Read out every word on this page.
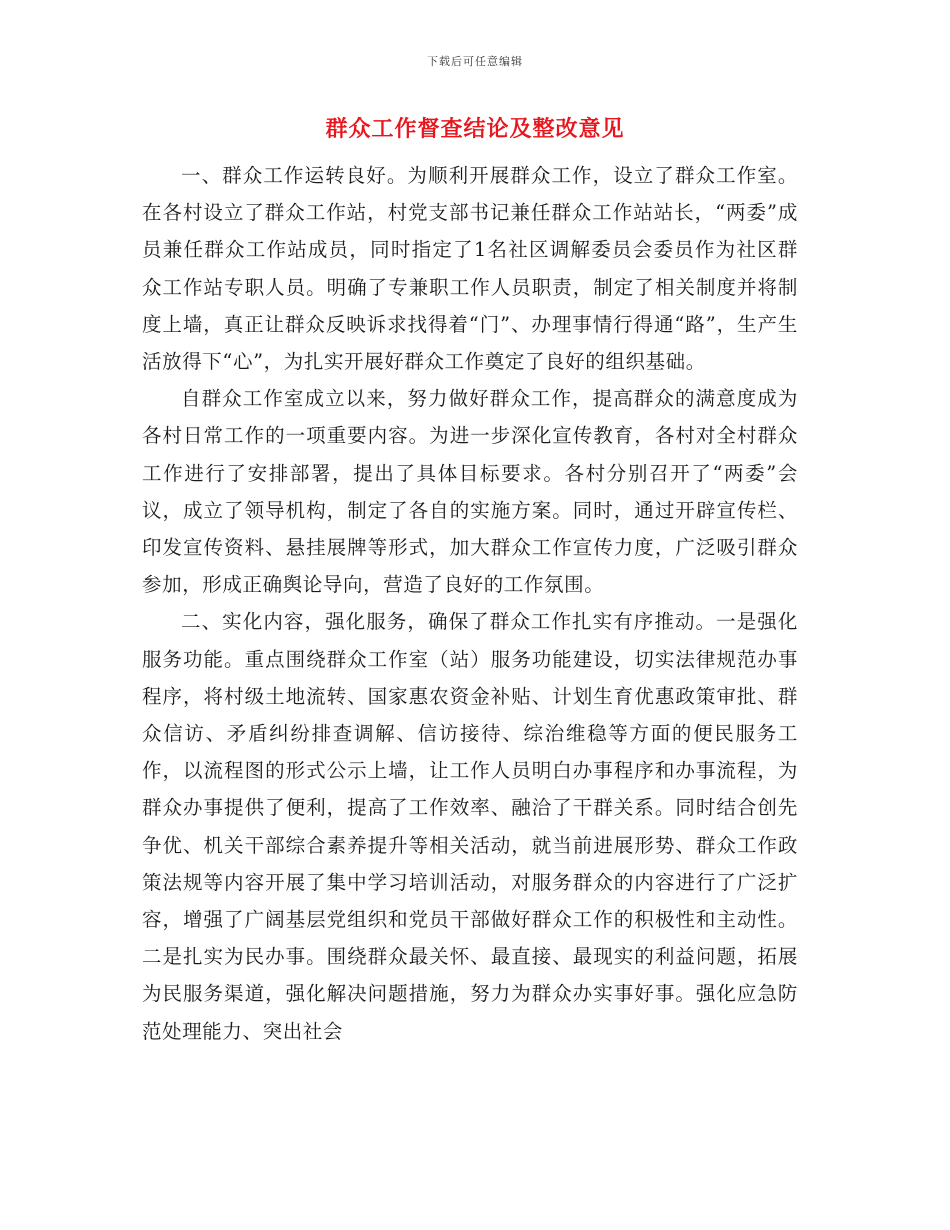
下载后可任意编辑
群众工作督查结论及整改意见

一、群众工作运转良好。为顺利开展群众工作，设立了群众工作室。在各村设立了群众工作站，村党支部书记兼任群众工作站站长，“两委”成员兼任群众工作站成员，同时指定了1名社区调解委员会委员作为社区群众工作站专职人员。明确了专兼职工作人员职责，制定了相关制度并将制度上墙，真正让群众反映诉求找得着“门”、办理事情行得通“路”，生产生活放得下“心”，为扎实开展好群众工作奠定了良好的组织基础。

自群众工作室成立以来，努力做好群众工作，提高群众的满意度成为各村日常工作的一项重要内容。为进一步深化宣传教育，各村对全村群众工作进行了安排部署，提出了具体目标要求。各村分别召开了“两委”会议，成立了领导机构，制定了各自的实施方案。同时，通过开辟宣传栏、印发宣传资料、悬挂展牌等形式，加大群众工作宣传力度，广泛吸引群众参加，形成正确舆论导向，营造了良好的工作氛围。

二、实化内容，强化服务，确保了群众工作扎实有序推动。一是强化服务功能。重点围绕群众工作室（站）服务功能建设，切实法律规范办事程序，将村级土地流转、国家惠农资金补贴、计划生育优惠政策审批、群众信访、矛盾纠纷排查调解、信访接待、综治维稳等方面的便民服务工作，以流程图的形式公示上墙，让工作人员明白办事程序和办事流程，为群众办事提供了便利，提高了工作效率、融洽了干群关系。同时结合创先争优、机关干部综合素养提升等相关活动，就当前进展形势、群众工作政策法规等内容开展了集中学习培训活动，对服务群众的内容进行了广泛扩容，增强了广阔基层党组织和党员干部做好群众工作的积极性和主动性。二是扎实为民办事。围绕群众最关怀、最直接、最现实的利益问题，拓展为民服务渠道，强化解决问题措施，努力为群众办实事好事。强化应急防范处理能力、突出社会
